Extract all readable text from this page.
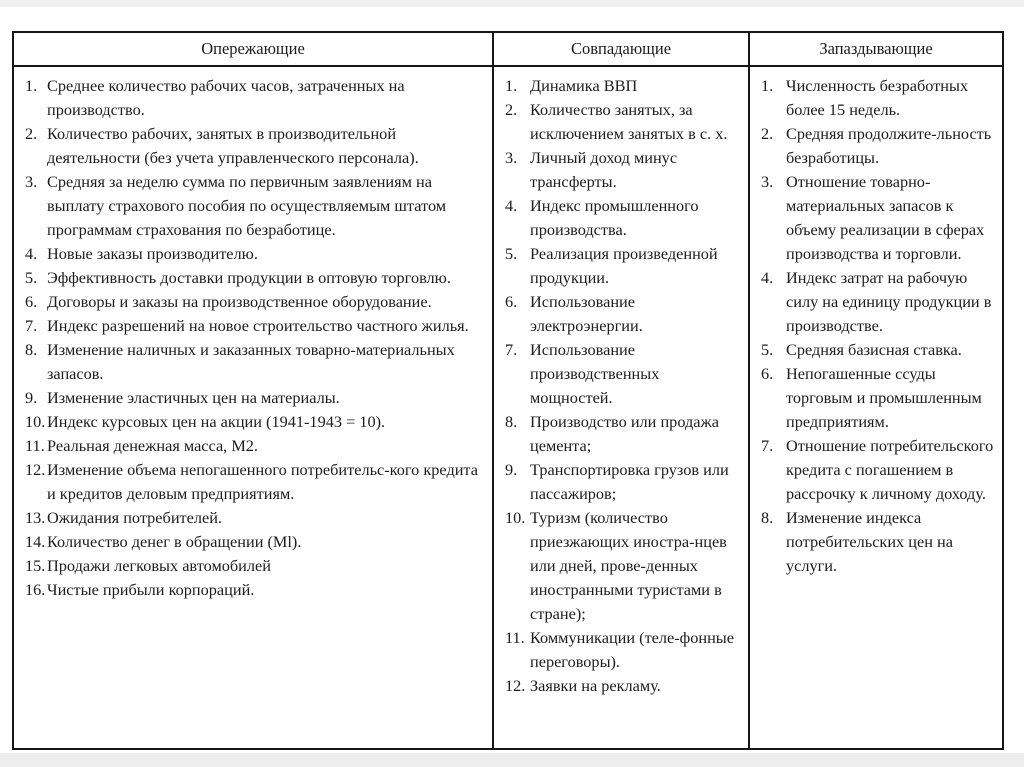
Опережающие
1. Среднее количество рабочих часов, затраченных на производство.
2. Количество рабочих, занятых в производительной деятельности (без учета управленческого персонала).
3. Средняя за неделю сумма по первичным заявлениям на выплату страхового пособия по осуществляемым штатом программам страхования по безработице.
4. Новые заказы производителю.
5. Эффективность доставки продукции в оптовую торговлю.
6. Договоры и заказы на производственное оборудование.
7. Индекс разрешений на новое строительство частного жилья.
8. Изменение наличных и заказанных товарно-материальных запасов.
9. Изменение эластичных цен на материалы.
10. Индекс курсовых цен на акции (1941-1943 = 10).
11. Реальная денежная масса, М2.
12. Изменение объема непогашенного потребительс-кого кредита и кредитов деловым предприятиям.
13. Ожидания потребителей.
14. Количество денег в обращении (Ml).
15. Продажи легковых автомобилей
16. Чистые прибыли корпораций.
Совпадающие
1. Динамика ВВП
2. Количество занятых, за исключением занятых в с. х.
3. Личный доход минус трансферты.
4. Индекс промышленного производства.
5. Реализация произведенной продукции.
6. Использование электроэнергии.
7. Использование производственных мощностей.
8. Производство или продажа цемента;
9. Транспортировка грузов или пассажиров;
10. Туризм (количество приезжающих иностра-нцев или дней, прове-денных иностранными туристами в стране);
11. Коммуникации (теле-фонные переговоры).
12. Заявки на рекламу.
Запаздывающие
1. Численность безработных более 15 недель.
2. Средняя продолжите-льность безработицы.
3. Отношение товарно-материальных запасов к объему реализации в сферах производства и торговли.
4. Индекс затрат на рабочую силу на единицу продукции в производстве.
5. Средняя базисная ставка.
6. Непогашенные ссуды торговым и промышленным предприятиям.
7. Отношение потребительского кредита с погашением в рассрочку к личному доходу.
8. Изменение индекса потребительских цен на услуги.
